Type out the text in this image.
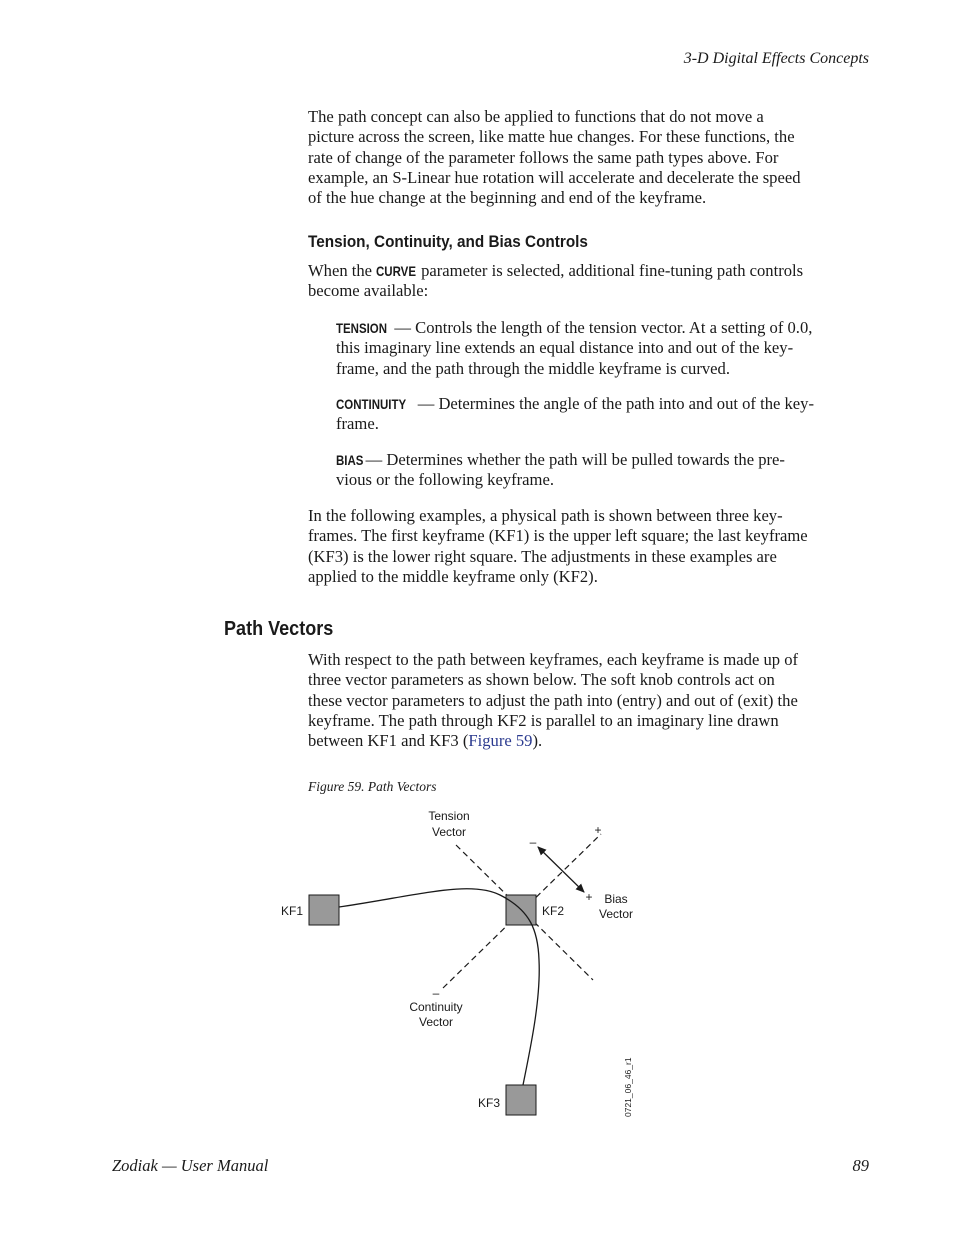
3-D Digital Effects Concepts
The path concept can also be applied to functions that do not move a
picture across the screen, like matte hue changes. For these functions, the
rate of change of the parameter follows the same path types above. For
example, an S-Linear hue rotation will accelerate and decelerate the speed
of the hue change at the beginning and end of the keyframe.
Tension, Continuity, and Bias Controls
When the CURVE parameter is selected, additional fine-tuning path controls
become available:
TENSION — Controls the length of the tension vector. At a setting of 0.0,
this imaginary line extends an equal distance into and out of the key-
frame, and the path through the middle keyframe is curved.
CONTINUITY — Determines the angle of the path into and out of the key-
frame.
BIAS — Determines whether the path will be pulled towards the pre-
vious or the following keyframe.
In the following examples, a physical path is shown between three key-
frames. The first keyframe (KF1) is the upper left square; the last keyframe
(KF3) is the lower right square. The adjustments in these examples are
applied to the middle keyframe only (KF2).
Path Vectors
With respect to the path between keyframes, each keyframe is made up of
three vector parameters as shown below. The soft knob controls act on
these vector parameters to adjust the path into (entry) and out of (exit) the
keyframe. The path through KF2 is parallel to an imaginary line drawn
between KF1 and KF3 (Figure 59).
Figure 59. Path Vectors
Tension
Vector
–
+
+ Bias
Vector
KF1	KF2
KF3
–
Continuity
Vector
0721_06_46_r1
Zodiak — User Manual	89
